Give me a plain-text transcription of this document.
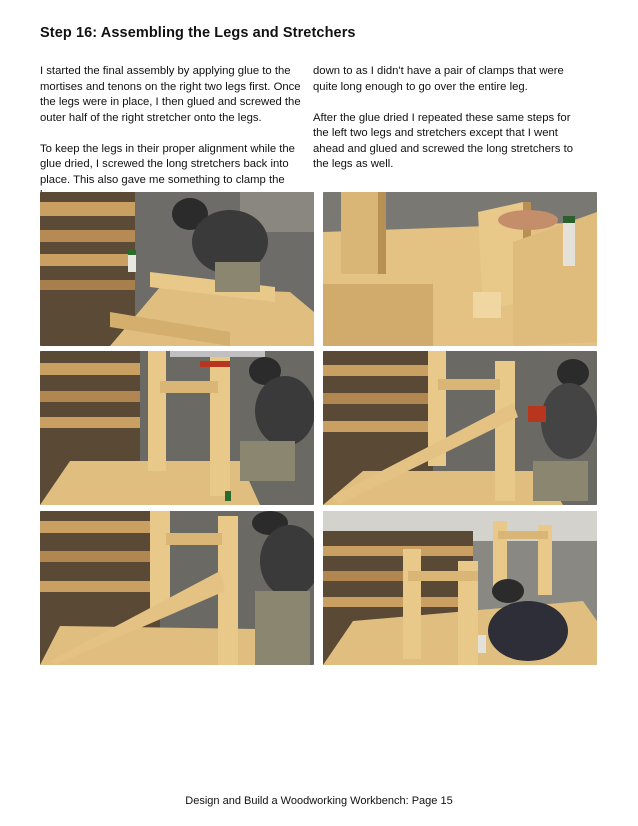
Step 16: Assembling the Legs and Stretchers

I started the final assembly by applying glue to the mortises and tenons on the right two legs first. Once the legs were in place, I then glued and screwed the outer half of the right stretcher onto the legs.

To keep the legs in their proper alignment while the glue dried, I screwed the long stretchers back into place. This also gave me something to clamp the

down to as I didn't have a pair of clamps that were quite long enough to go over the entire leg.

After the glue dried I repeated these same steps for the left two legs and stretchers except that I went ahead and glued and screwed the long stretchers to the legs as well.

Design and Build a Woodworking Workbench: Page 15
